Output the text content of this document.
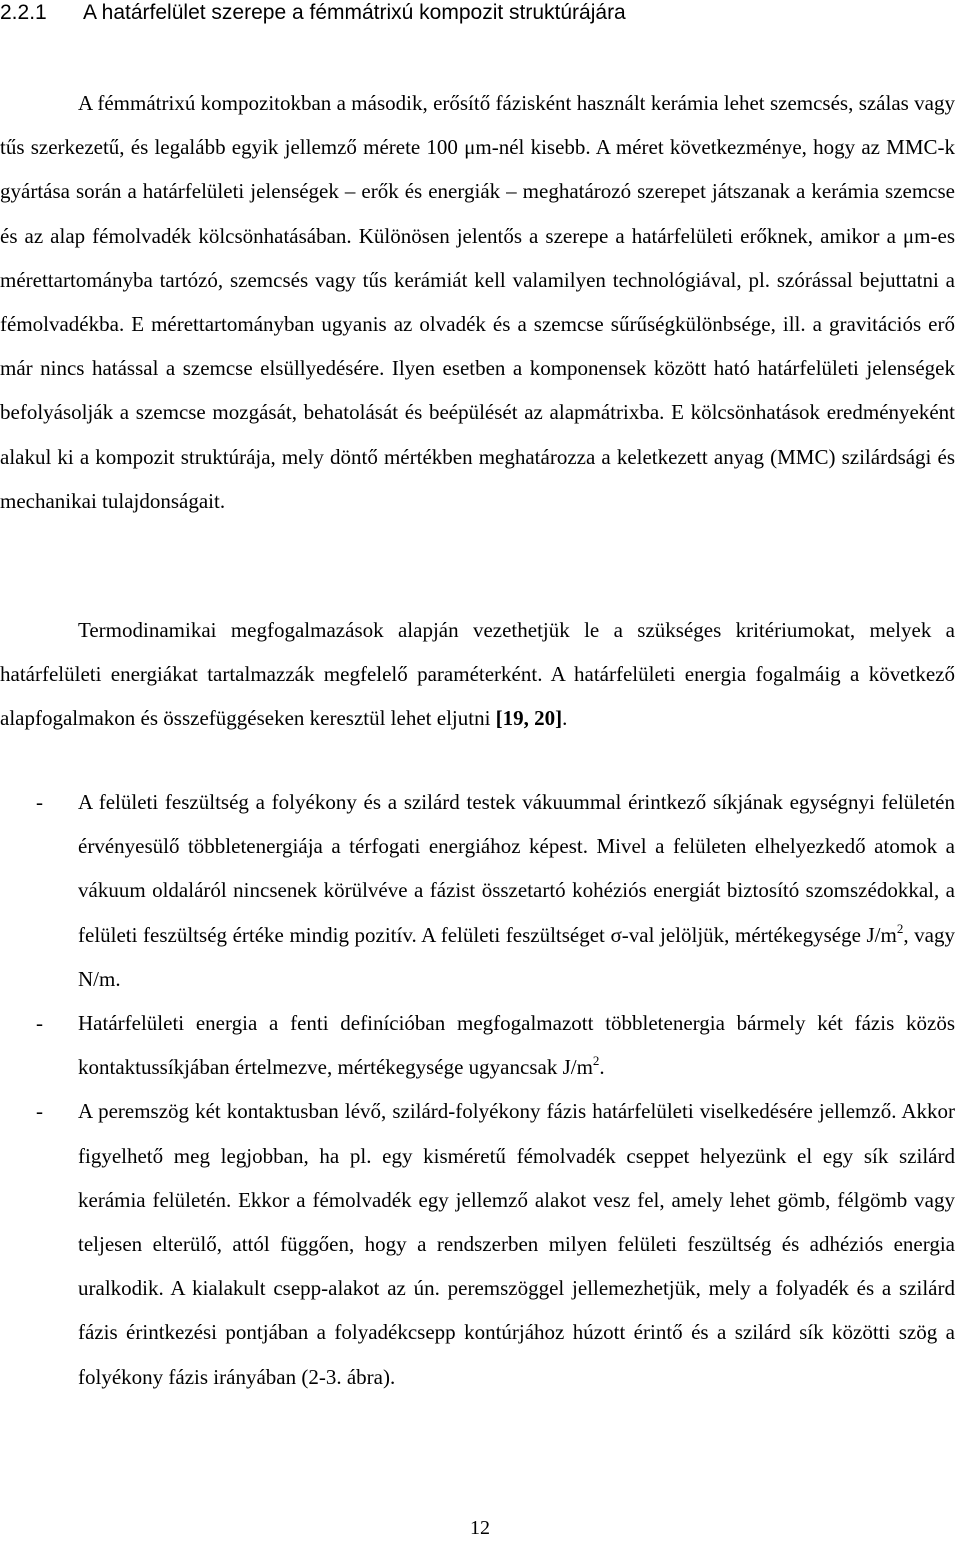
2.2.1 A határfelület szerepe a fémmátrixú kompozit struktúrájára
A fémmátrixú kompozitokban a második, erősítő fázisként használt kerámia lehet szemcsés, szálas vagy tűs szerkezetű, és legalább egyik jellemző mérete 100 μm-nél kisebb. A méret következménye, hogy az MMC-k gyártása során a határfelületi jelenségek – erők és energiák – meghatározó szerepet játszanak a kerámia szemcse és az alap fémolvadék kölcsönhatásában. Különösen jelentős a szerepe a határfelületi erőknek, amikor a μm-es mérettartományba tartózó, szemcsés vagy tűs kerámiát kell valamilyen technológiával, pl. szórással bejuttatni a fémolvadékba. E mérettartományban ugyanis az olvadék és a szemcse sűrűségkülönbsége, ill. a gravitációs erő már nincs hatással a szemcse elsüllyedésére. Ilyen esetben a komponensek között ható határfelületi jelenségek befolyásolják a szemcse mozgását, behatolását és beépülését az alapmátrixba. E kölcsönhatások eredményeként alakul ki a kompozit struktúrája, mely döntő mértékben meghatározza a keletkezett anyag (MMC) szilárdsági és mechanikai tulajdonságait.
Termodinamikai megfogalmazások alapján vezethetjük le a szükséges kritériumokat, melyek a határfelületi energiákat tartalmazzák megfelelő paraméterként. A határfelületi energia fogalmáig a következő alapfogalmakon és összefüggéseken keresztül lehet eljutni [19, 20].
- A felületi feszültség a folyékony és a szilárd testek vákuummal érintkező síkjának egységnyi felületén érvényesülő többletenergiája a térfogati energiához képest. Mivel a felületen elhelyezkedő atomok a vákuum oldaláról nincsenek körülvéve a fázist összetartó kohéziós energiát biztosító szomszédokkal, a felületi feszültség értéke mindig pozitív. A felületi feszültséget σ-val jelöljük, mértékegysége $J/m^2$, vagy N/m.
- Határfelületi energia a fenti definícióban megfogalmazott többletenergia bármely két fázis közös kontaktussíkjában értelmezve, mértékegysége ugyancsak $J/m^2$.
- A peremszög két kontaktusban lévő, szilárd-folyékony fázis határfelületi viselkedésére jellemző. Akkor figyelhető meg legjobban, ha pl. egy kisméretű fémolvadék cseppet helyezünk el egy sík szilárd kerámia felületén. Ekkor a fémolvadék egy jellemző alakot vesz fel, amely lehet gömb, félgömb vagy teljesen elterülő, attól függően, hogy a rendszerben milyen felületi feszültség és adhéziós energia uralkodik. A kialakult csepp-alakot az ún. peremszöggel jellemezhetjük, mely a folyadék és a szilárd fázis érintkezési pontjában a folyadékcsepp kontúrjához húzott érintő és a szilárd sík közötti szög a folyékony fázis irányában (2-3. ábra).
12
